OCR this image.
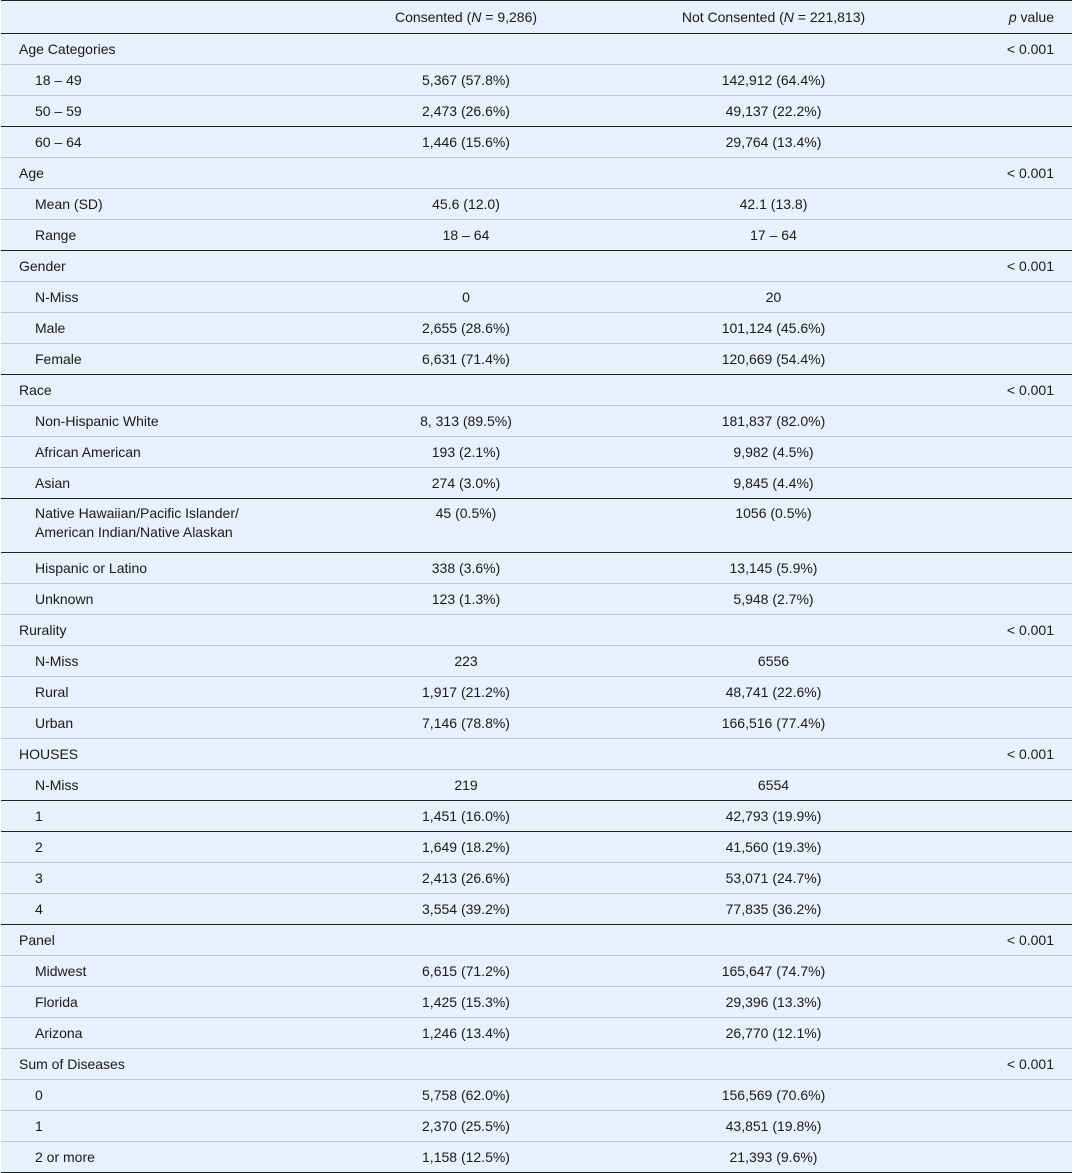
	Consented (N = 9,286)	Not Consented (N = 221,813)	p value
Age Categories			< 0.001
18 – 49	5,367 (57.8%)	142,912 (64.4%)	
50 – 59	2,473 (26.6%)	49,137 (22.2%)	
60 – 64	1,446 (15.6%)	29,764 (13.4%)	
Age			< 0.001
Mean (SD)	45.6 (12.0)	42.1 (13.8)	
Range	18 – 64	17 – 64	
Gender			< 0.001
N-Miss	0	20	
Male	2,655 (28.6%)	101,124 (45.6%)	
Female	6,631 (71.4%)	120,669 (54.4%)	
Race			< 0.001
Non-Hispanic White	8, 313 (89.5%)	181,837 (82.0%)	
African American	193 (2.1%)	9,982 (4.5%)	
Asian	274 (3.0%)	9,845 (4.4%)	

Native Hawaiian/Pacific Islander/
American Indian/Native Alaskan	45 (0.5%)	1056 (0.5%)	
Hispanic or Latino	338 (3.6%)	13,145 (5.9%)	
Unknown	123 (1.3%)	5,948 (2.7%)	
Rurality			< 0.001
N-Miss	223	6556	
Rural	1,917 (21.2%)	48,741 (22.6%)	
Urban	7,146 (78.8%)	166,516 (77.4%)	
HOUSES			< 0.001
N-Miss	219	6554	
1	1,451 (16.0%)	42,793 (19.9%)	
2	1,649 (18.2%)	41,560 (19.3%)	
3	2,413 (26.6%)	53,071 (24.7%)	
4	3,554 (39.2%)	77,835 (36.2%)	
Panel			< 0.001
Midwest	6,615 (71.2%)	165,647 (74.7%)	
Florida	1,425 (15.3%)	29,396 (13.3%)	
Arizona	1,246 (13.4%)	26,770 (12.1%)	
Sum of Diseases			< 0.001
0	5,758 (62.0%)	156,569 (70.6%)	
1	2,370 (25.5%)	43,851 (19.8%)	
2 or more	1,158 (12.5%)	21,393 (9.6%)	
